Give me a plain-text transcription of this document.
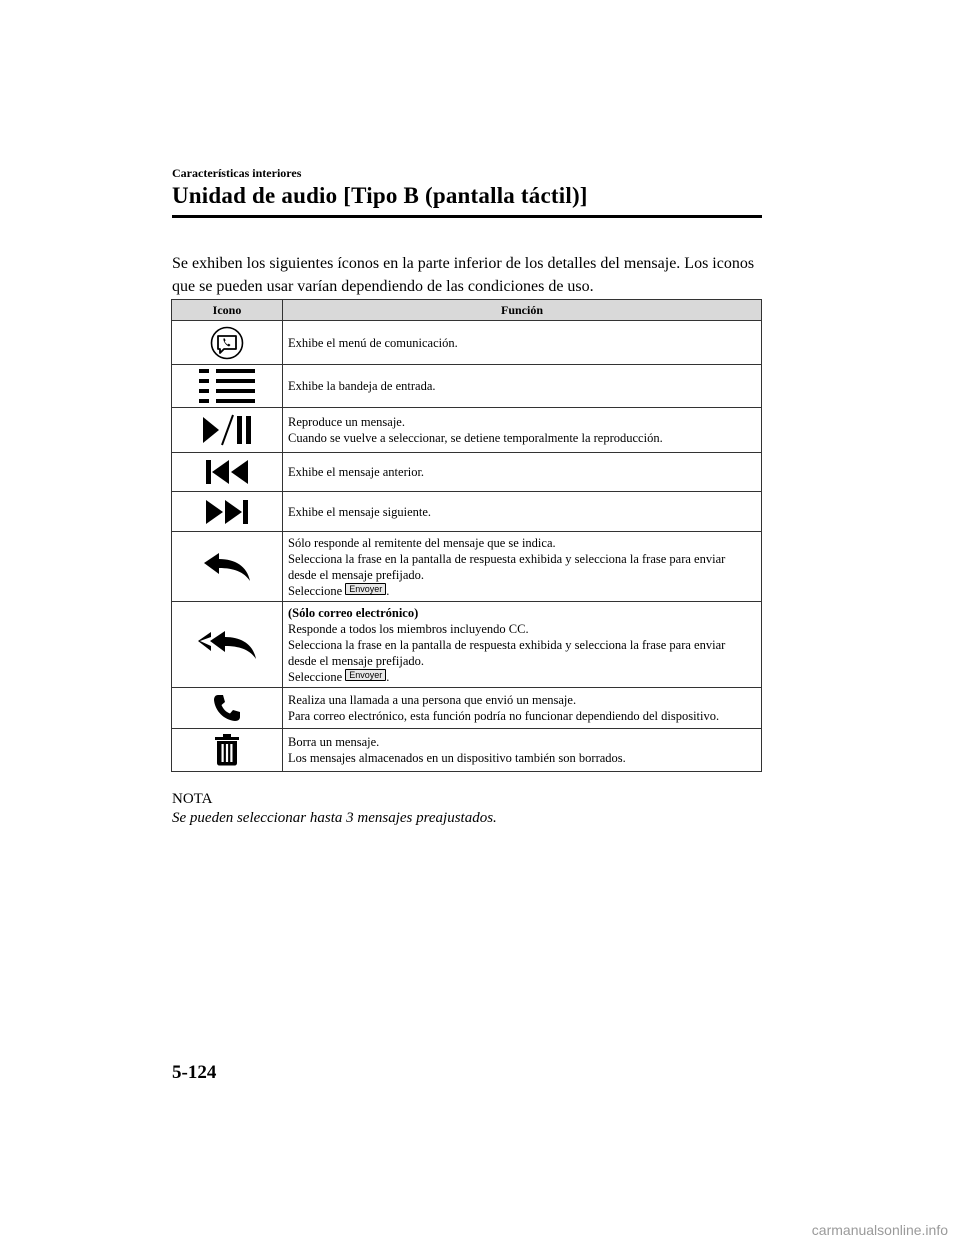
Características interiores
Unidad de audio [Tipo B (pantalla táctil)]
Se exhiben los siguientes íconos en la parte inferior de los detalles del mensaje. Los iconos que se pueden usar varían dependiendo de las condiciones de uso.
Icono	Función

Exhibe el menú de comunicación.

Exhibe la bandeja de entrada.

Reproduce un mensaje.
Cuando se vuelve a seleccionar, se detiene temporalmente la reproducción.

Exhibe el mensaje anterior.

Exhibe el mensaje siguiente.

Sólo responde al remitente del mensaje que se indica.
Selecciona la frase en la pantalla de respuesta exhibida y selecciona la frase para enviar desde el mensaje prefijado.
Seleccione Envoyer .

(Sólo correo electrónico)
Responde a todos los miembros incluyendo CC.
Selecciona la frase en la pantalla de respuesta exhibida y selecciona la frase para enviar desde el mensaje prefijado.
Seleccione Envoyer .

Realiza una llamada a una persona que envió un mensaje.
Para correo electrónico, esta función podría no funcionar dependiendo del dispositivo.

Borra un mensaje.
Los mensajes almacenados en un dispositivo también son borrados.
NOTA
Se pueden seleccionar hasta 3 mensajes preajustados.
5-124
carmanualsonline.info
